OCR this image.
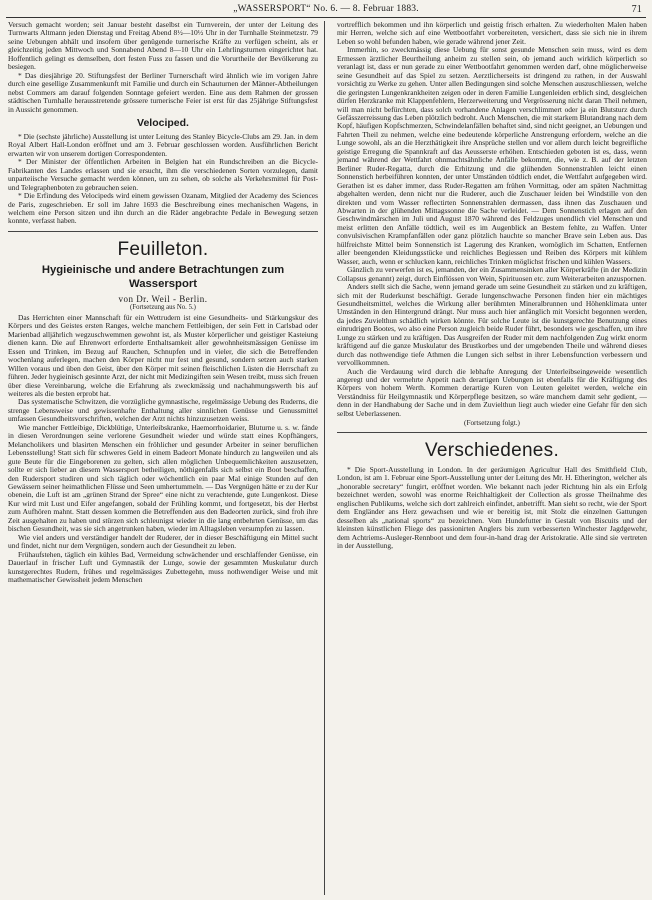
„WASSERSPORT“ No. 6. — 8. Februar 1883.	71

Versuch gemacht worden; seit Januar besteht daselbst ein Turnverein, der unter der Leitung des Turnwarts Altmann jeden Dienstag und Freitag Abend 8½—10½ Uhr in der Turnhalle Steinmetzstr. 79 seine Uebungen abhält und insofern über genügende turnerische Kräfte zu verfügen scheint, als er gleichzeitig jeden Mittwoch und Sonnabend Abend 8—10 Uhr ein Lehrlingsturnen eingerichtet hat. Hoffentlich gelingt es demselben, dort festen Fuss zu fassen und die Vorurtheile der Bevölkerung zu besiegen.

* Das diesjährige 20. Stiftungsfest der Berliner Turnerschaft wird ähnlich wie im vorigen Jahre durch eine gesellige Zusammenkunft mit Familie und durch ein Schauturnen der Männer-Abtheilungen nebst Commers am darauf folgenden Sonntage gefeiert werden. Eine aus dem Rahmen der grossen städtischen Turnhalle herausstretende grössere turnerische Feier ist erst für das 25jährige Stiftungsfest in Aussicht genommen.

Velociped.

* Die (sechste jährliche) Ausstellung ist unter Leitung des Stanley Bicycle-Clubs am 29. Jan. in dem Royal Albert Hall-London eröffnet und am 3. Februar geschlossen worden. Ausführlichen Bericht erwarten wir von unserem dortigen Correspondenten.

* Der Minister der öffentlichen Arbeiten in Belgien hat ein Rundschreiben an die Bicycle-Fabrikanten des Landes erlassen und sie ersucht, ihm die verschiedenen Sorten vorzulegen, damit unparteiische Versuche gemacht werden können, um zu sehen, ob solche als Verkehrsmittel für Post- und Telegraphenboten zu gebrauchen seien.

* Die Erfindung des Velocipeds wird einem gewissen Ozanam, Mitglied der Academy des Sciences de Paris, zugeschrieben. Er soll im Jahre 1693 die Beschreibung eines mechanischen Wagens, in welchem eine Person sitzen und ihn durch an die Räder angebrachte Pedale in Bewegung setzen konnte, verfasst haben.

Feuilleton.
Hygieinische und andere Betrachtungen zum Wassersport
von Dr. Weil - Berlin.
(Fortsetzung aus No. 5.)

Das Herrichten einer Mannschaft für ein Wettrudern ist eine Gesundheits- und Stärkungskur des Körpers und des Geistes ersten Ranges, welche manchem Fettleibigen, der sein Fett in Carlsbad oder Marienbad alljährlich wegzuschwemmen gewohnt ist, als Muster körperlicher und geistiger Kasteiung dienen kann. Die auf Ehrenwort erforderte Enthaltsamkeit aller gewohnheitsmässigen Genüsse im Essen und Trinken, im Bezug auf Rauchen, Schnupfen und in vieler, die sich die Betreffenden wochenlang auferlegen, machen den Körper nicht nur fest und gesund, sondern setzen auch starken Willen voraus und üben den Geist, über den Körper mit seinen fleischlichen Lüsten die Herrschaft zu führen. Jeder hygieinisch gesinnte Arzt, der nicht mit Medizingiften sein Wesen treibt, muss sich freuen über diese Vereinbarung, welche die Erfahrung als zweckmässig und nachahmungswerth bis auf weiteres als die besten erprobt hat.

Das systematische Schwitzen, die vorzügliche gymnastische, regelmässige Uebung des Ruderns, die strenge Lebensweise und gewissenhafte Enthaltung aller sinnlichen Genüsse und Genussmittel umfassen Gesundheitsvorschriften, welchen der Arzt nichts hinzuzusetzen weiss.

Wie mancher Fettleibige, Dickblütige, Unterleibskranke, Haemorrhoidarier, Bluturne u. s. w. fände in diesen Verordnungen seine verlorene Gesundheit wieder und würde statt eines Kopfhängers, Melancholikers und blasirten Menschen ein fröhlicher und gesunder Arbeiter in seiner beruflichen Lebensstellung! Statt sich für schweres Geld in einem Badeort Monate hindurch zu langweilen und als gute Beute für die Eingeborenen zu gelten, sich allen möglichen Unbequemlichkeiten auszusetzen, sollte er sich lieber an diesem Wassersport betheiligen, nöthigenfalls sich selbst ein Boot beschaffen, den Rudersport studiren und sich täglich oder wöchentlich ein paar Mal einige Stunden auf den Gewässern seiner heimathlichen Flüsse und Seen umhertummeln. — Das Vergnügen hätte er zu der Kur obenein, die Luft ist am „grünen Strand der Spree“ eine nicht zu verachtende, gute Lungenkost. Diese Kur wird mit Lust und Eifer angefangen, sobald der Frühling kommt, und fortgesetzt, bis der Herbst zum Aufhören mahnt. Statt dessen kommen die Betreffenden aus den Badeorten zurück, sind froh ihre Zeit ausgehalten zu haben und stürzen sich schleunigst wieder in die lang entbehrten Genüsse, um das bischen Gesundheit, was sie sich angetrunken haben, wieder im Alltagsleben versumpfen zu lassen.

Wie viel anders und verständiger handelt der Ruderer, der in dieser Beschäftigung ein Mittel sucht und findet, nicht nur dem Vergnügen, sondern auch der Gesundheit zu leben.

Frühaufstehen, täglich ein kühles Bad, Vermeidung schwächender und erschlaffender Genüsse, ein Dauerlauf in frischer Luft und Gymnastik der Lunge, sowie der gesammten Muskulatur durch kunstgerechtes Rudern, frühes und regelmässiges Zubettegehn, muss nothwendiger Weise und mit mathematischer Gewissheit jedem Menschen

vortrefflich bekommen und ihn körperlich und geistig frisch erhalten. Zu wiederholten Malen haben mir Herren, welche sich auf eine Wettbootfahrt vorbereiteten, versichert, dass sie sich nie in ihrem Leben so wohl befunden haben, wie gerade während jener Zeit.

Immerhin, so zweckmässig diese Uebung für sonst gesunde Menschen sein muss, wird es dem Ermessen ärztlicher Beurtheilung anheim zu stellen sein, ob jemand auch wirklich körperlich so veranlagt ist, dass er nun gerade zu einer Wettbootfahrt genommen werden darf, ohne möglicherweise seine Gesundheit auf das Spiel zu setzen. Aerztlicherseits ist dringend zu rathen, in der Auswahl vorsichtig zu Werke zu gehen. Unter allen Bedingungen sind solche Menschen auszuschliessen, welche die geringsten Lungenkrankheiten zeigen oder in deren Familie Lungenleiden erblich sind, desgleichen dürfen Herzkranke mit Klappenfehlern, Herzerweiterung und Vergrösserung nicht daran Theil nehmen, will man nicht befürchten, dass solch vorhandene Anlagen verschlimmert oder ja ein Blutsturz durch Gefässzerreissung das Leben plötzlich bedroht. Auch Menschen, die mit starkem Blutandrang nach dem Kopf, häufigen Kopfschmerzen, Schwindelanfällen behaftet sind, sind nicht geeignet, an Uebungen und Fahrten Theil zu nehmen, welche eine bedeutende körperliche Anstrengung erfordern, welche an die Lunge sowohl, als an die Herzthätigkeit ihre Ansprüche stellen und vor allem durch leicht begreifliche geistige Erregung die Spannkraft auf das Aeusserste erhöhen. Entschieden geboten ist es, dass, wenn jemand während der Wettfahrt ohnmachtsähnliche Anfälle bekommt, die, wie z. B. auf der letzten Berliner Ruder-Regatta, durch die Erhitzung und die glühenden Sonnenstrahlen leicht einen Sonnenstich herbeiführen konnten, der unter Umständen tödtlich endet, die Wettfahrt aufgegeben wird. Gerathen ist es daher immer, dass Ruder-Regatten am frühen Vormittag, oder am späten Nachmittag abgehalten werden, denn nicht nur die Ruderer, auch die Zuschauer leiden bei Windstille von den direkten und vom Wasser reflectirten Sonnenstrahlen dermassen, dass ihnen das Zuschauen und Abwarten in der glühenden Mittagssonne die Sache verleidet. — Dem Sonnenstich erlagen auf den Geschwindmärschen im Juli und August 1870 während des Feldzuges unendlich viel Menschen und meist erlitten den Anfälle tödtlich, weil es im Augenblick an Bestem fehlte, zu Waffen. Unter convulsivischen Krampfanfällen oder ganz plötzlich hauchte so mancher Brave sein Leben aus. Das hülfreichste Mittel beim Sonnenstich ist Lagerung des Kranken, womöglich im Schatten, Entfernen aller beengenden Kleidungsstücke und reichliches Begiessen und Reiben des Körpers mit kühlem Wasser, auch, wenn er schlucken kann, reichliches Trinken möglichst frischen und kühlen Wassers.

Gänzlich zu verwerfen ist es, jemanden, der ein Zusammensinken aller Körperkräfte (in der Medizin Collapsus genannt) zeigt, durch Einflössen von Wein, Spirituosen etc. zum Weiterarbeiten anzuspornen.

Anders stellt sich die Sache, wenn jemand gerade um seine Gesundheit zu stärken und zu kräftigen, sich mit der Ruderkunst beschäftigt. Gerade lungenschwache Personen finden hier ein mächtiges Gesundheitsmittel, welches die Wirkung aller berühmten Mineralbrunnen und Höhenklimata unter Umständen in den Hintergrund drängt. Nur muss auch hier anfänglich mit Vorsicht begonnen werden, da jedes Zuvielthun schädlich wirken könnte. Für solche Leute ist die kunstgerechte Benutzung eines einrudrigen Bootes, wo also eine Person zugleich beide Ruder führt, besonders wie geschaffen, um ihre Lunge zu stärken und zu kräftigen. Das Ausgreifen der Ruder mit dem nachfolgenden Zug wirkt enorm kräftigend auf die ganze Muskulatur des Brustkorbes und der umgebenden Theile und während dieses durch das nothwendige tiefe Athmen die Lungen sich selbst in ihrer Lebensfunction verbessern und vervollkommnen.

Auch die Verdauung wird durch die lebhafte Anregung der Unterleibseingeweide wesentlich angeregt und der vermehrte Appetit nach derartigen Uebungen ist ebenfalls für die Kräftigung des Körpers von hohem Werth. Kommen derartige Kuren von Leuten geleitet werden, welche ein Verständniss für Heilgymnastik und Körperpflege besitzen, so wäre manchem damit sehr gedient, — denn in der Handhabung der Sache und in dem Zuvielthun liegt auch wieder eine Gefahr für den sich selbst Ueberlassenen.

(Fortsetzung folgt.)
Verschiedenes.

* Die Sport-Ausstellung in London. In der geräumigen Agricultur Hall des Smithfield Club, London, ist am 1. Februar eine Sport-Ausstellung unter der Leitung des Mr. H. Etherington, welcher als „honorable secretary“ fungirt, eröffnet worden. Wie bekannt nach jeder Richtung hin als ein Erfolg bezeichnet werden, sowohl was enorme Reichhaltigkeit der Collection als grosse Theilnahme des englischen Publikums, welche sich dort zahlreich einfindet, anbetrifft. Man sieht so recht, wie der Sport dem Engländer ans Herz gewachsen und wie er bereitig ist, mit Stolz die einzelnen Gattungen desselben als „national sports“ zu bezeichnen. Vom Hundefutter in Gestalt von Biscuits und der kleinsten künstlichen Fliege des passionirten Anglers bis zum verbesserten Winchester Jagdgewehr, dem Achtriems-Ausleger-Rennboot und dem four-in-hand drag der Aristokratie. Alle sind sie vertreten in der Ausstellung,
